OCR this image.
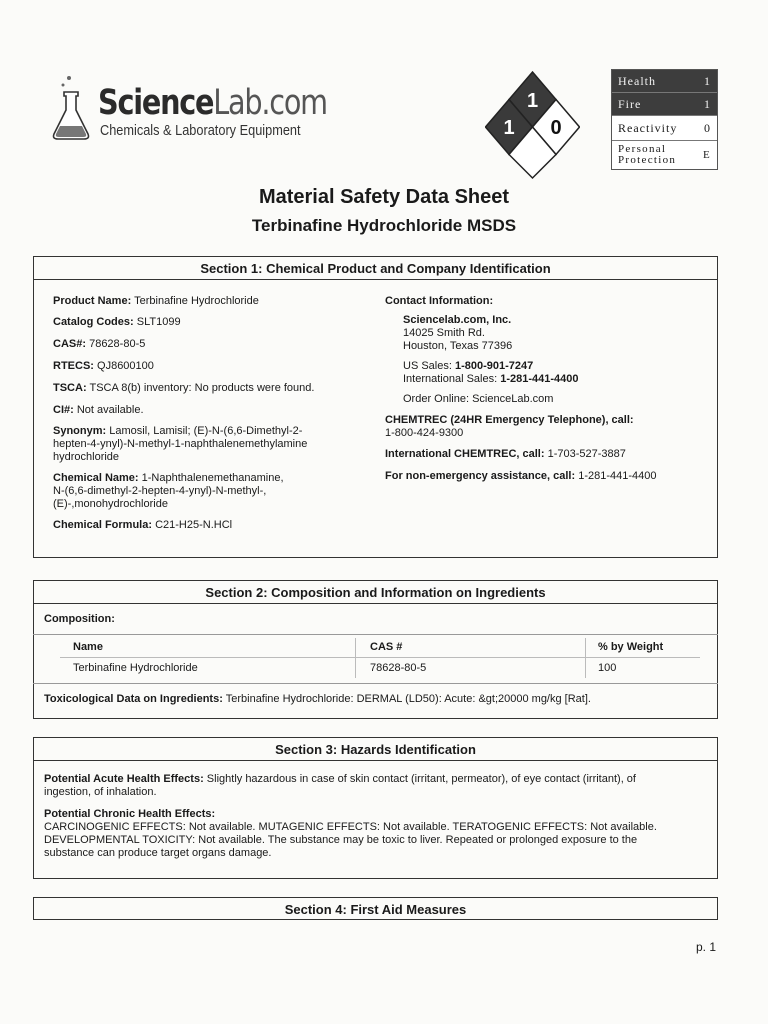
ScienceLab.com
Chemicals & Laboratory Equipment
1
1 0
Health	1
Fire	1
Reactivity 0
Personal
Protection E
Material Safety Data Sheet
Terbinafine Hydrochloride MSDS
Section 1: Chemical Product and Company Identification
Product Name: Terbinafine Hydrochloride
Catalog Codes: SLT1099
CAS#: 78628-80-5
RTECS: QJ8600100
TSCA: TSCA 8(b) inventory: No products were found.
CI#: Not available.
Synonym: Lamosil, Lamisil; (E)-N-(6,6-Dimethyl-2-
hepten-4-ynyl)-N-methyl-1-naphthalenemethylamine
hydrochloride
Chemical Name: 1-Naphthalenemethanamine,
N-(6,6-dimethyl-2-hepten-4-ynyl)-N-methyl-,
(E)-,monohydrochloride
Chemical Formula: C21-H25-N.HCl
Contact Information:
Sciencelab.com, Inc.
14025 Smith Rd.
Houston, Texas 77396
US Sales: 1-800-901-7247
International Sales: 1-281-441-4400
Order Online: ScienceLab.com
CHEMTREC (24HR Emergency Telephone), call:
1-800-424-9300
International CHEMTREC, call: 1-703-527-3887
For non-emergency assistance, call: 1-281-441-4400
Section 2: Composition and Information on Ingredients
Composition:
Name	CAS #	% by Weight
Terbinafine Hydrochloride	78628-80-5	100
Toxicological Data on Ingredients: Terbinafine Hydrochloride: DERMAL (LD50): Acute: &gt;20000 mg/kg [Rat].
Section 3: Hazards Identification
Potential Acute Health Effects: Slightly hazardous in case of skin contact (irritant, permeator), of eye contact (irritant), of
ingestion, of inhalation.
Potential Chronic Health Effects:
CARCINOGENIC EFFECTS: Not available. MUTAGENIC EFFECTS: Not available. TERATOGENIC EFFECTS: Not available.
DEVELOPMENTAL TOXICITY: Not available. The substance may be toxic to liver. Repeated or prolonged exposure to the
substance can produce target organs damage.
Section 4: First Aid Measures
p. 1
